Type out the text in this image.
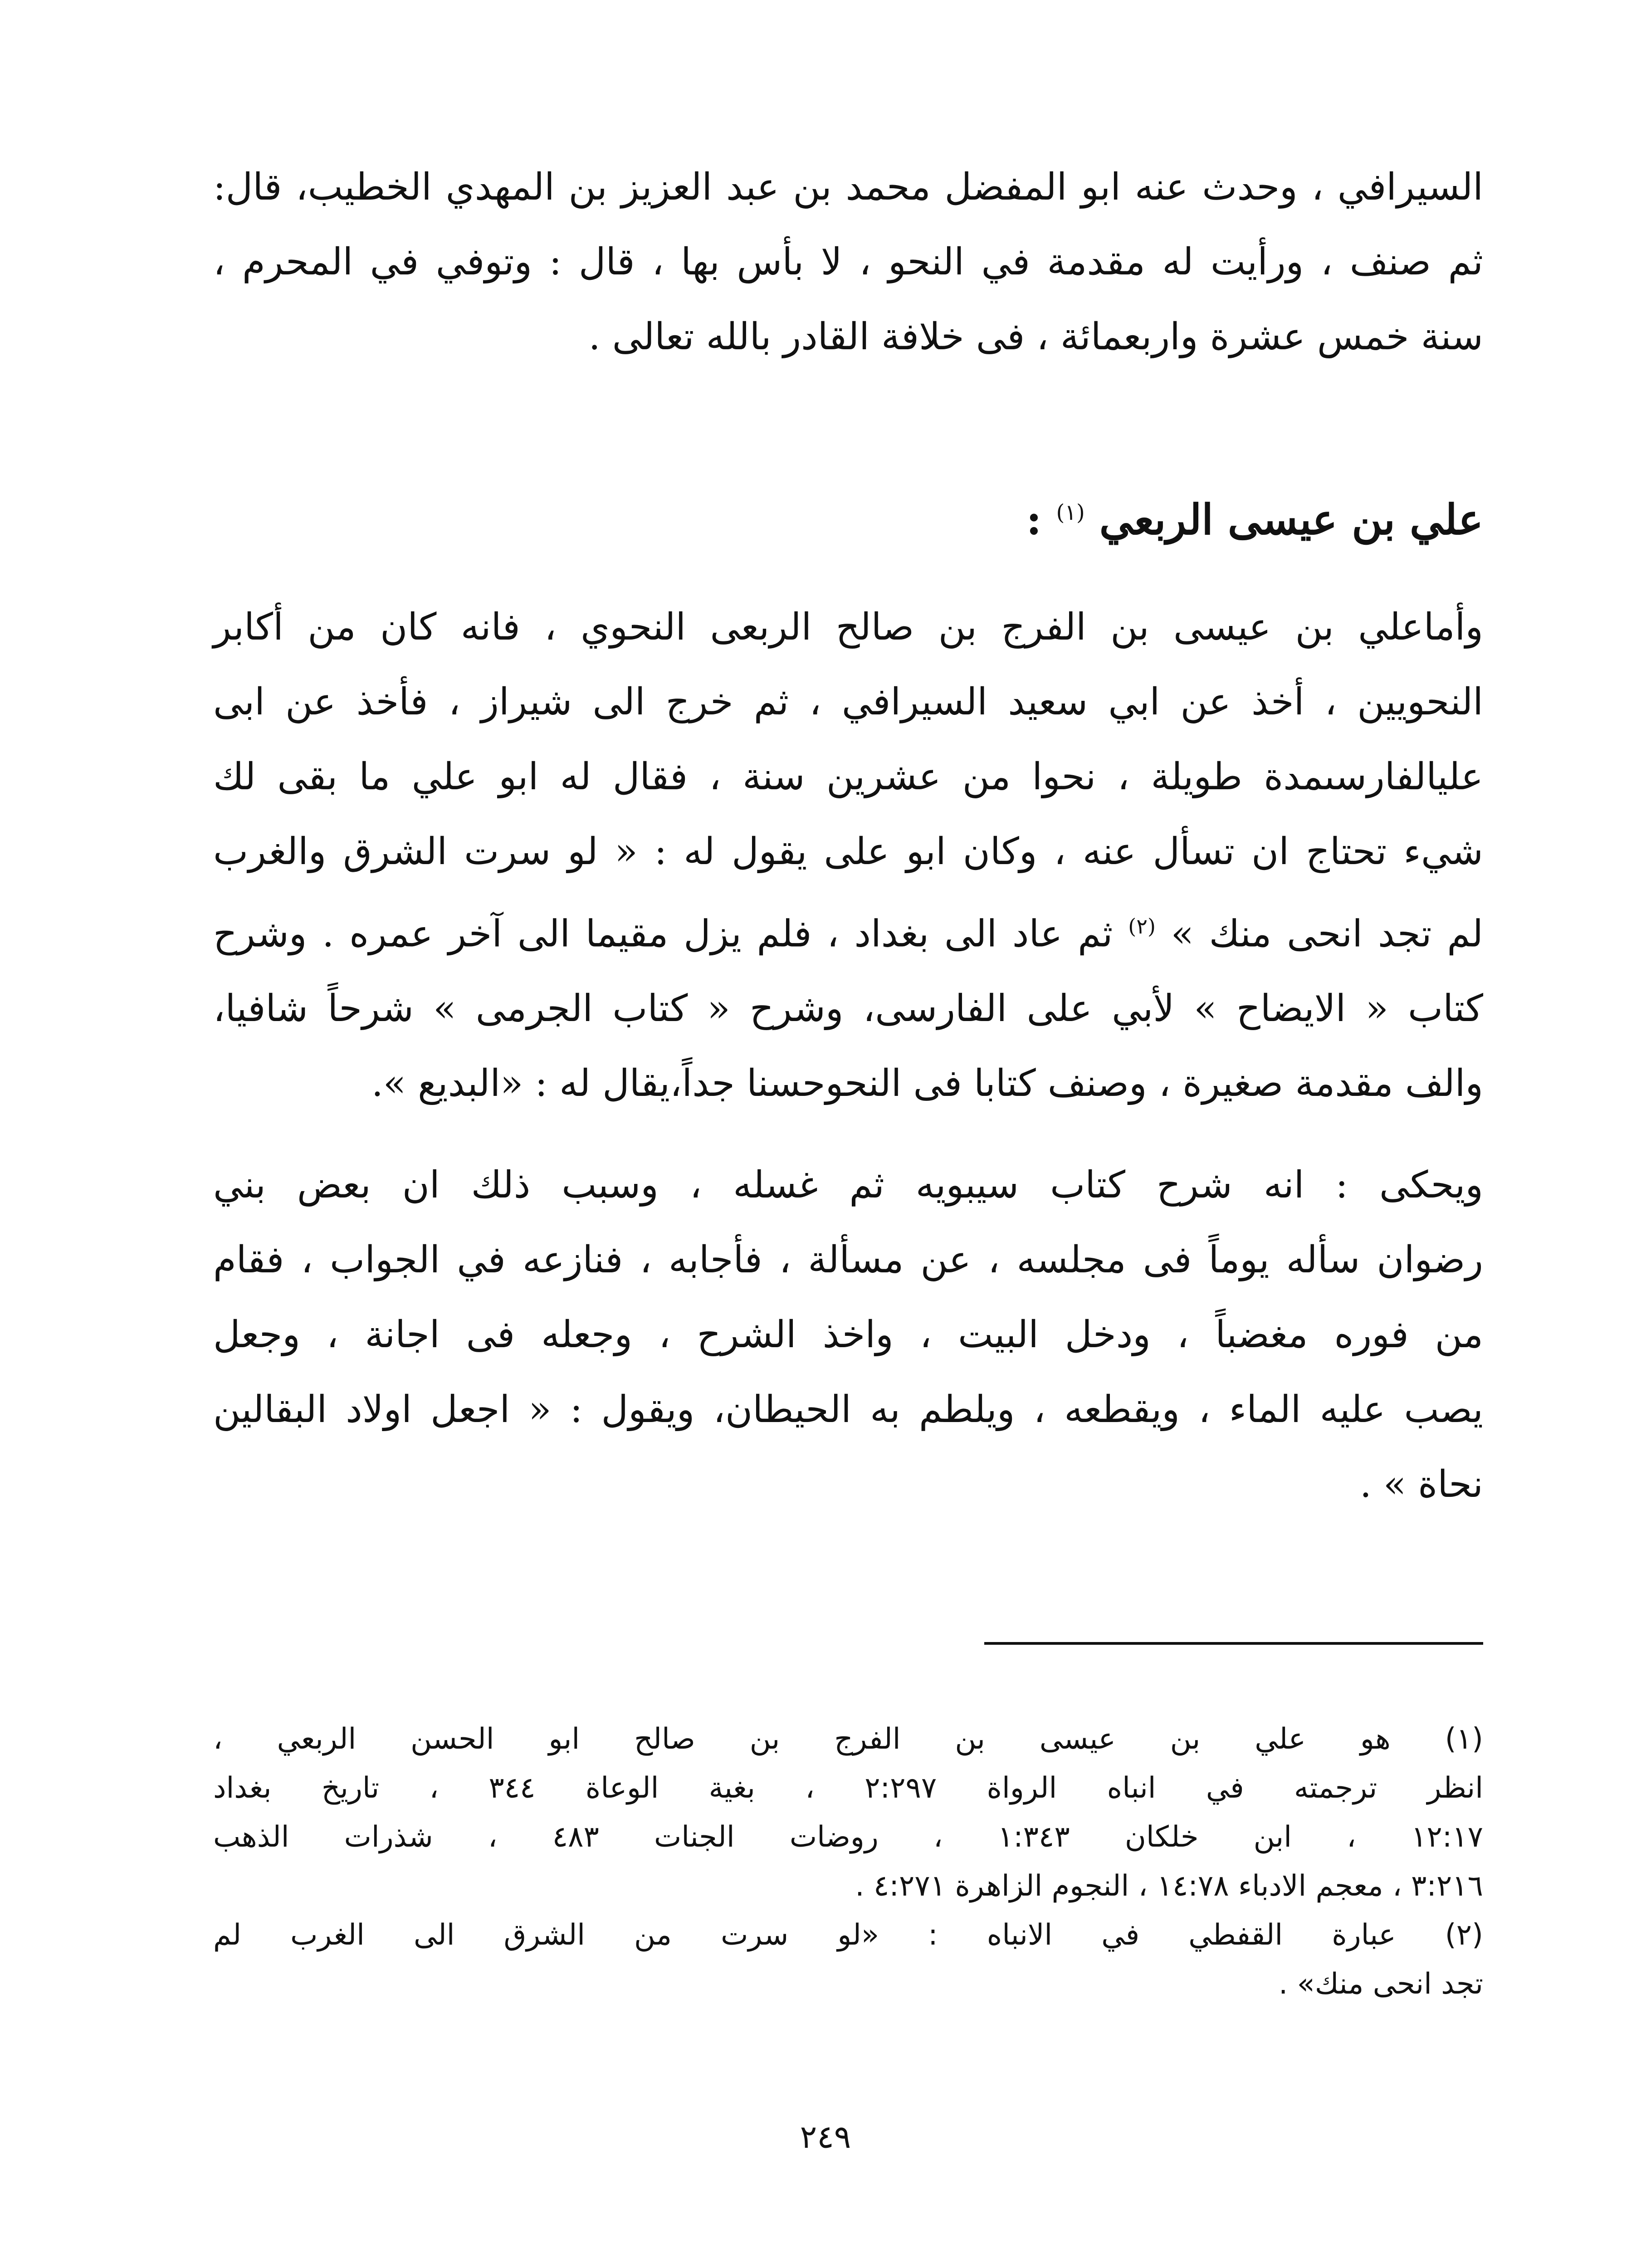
السيرافي ، وحدث عنه ابو المفضل محمد بن عبد العزيز بن المهدي الخطيب، قال:
ثم صنف ، ورأيت له مقدمة في النحو ، لا بأس بها ، قال : وتوفي في المحرم ،
سنة خمس عشرة واربعمائة ، فى خلافة القادر بالله تعالى .
علي بن عيسى الربعي $^{(١)}$ :
وأماعلي بن عيسى بن الفرج بن صالح الربعى النحوي ، فانه كان من أكابر
النحويين ، أخذ عن ابي سعيد السيرافي ، ثم خرج الى شيراز ، فأخذ عن ابى
عليالفارسىمدة طويلة ، نحوا من عشرين سنة ، فقال له ابو علي ما بقى لك
شيء تحتاج ان تسأل عنه ، وكان ابو على يقول له : « لو سرت الشرق والغرب
لم تجد انحى منك » $^{(٢)}$ ثم عاد الى بغداد ، فلم يزل مقيما الى آخر عمره . وشرح
كتاب « الايضاح » لأبي على الفارسى، وشرح « كتاب الجرمى » شرحاً شافيا،
والف مقدمة صغيرة ، وصنف كتابا فى النحوحسنا جداً،يقال له : «البديع ».
ويحكى : انه شرح كتاب سيبويه ثم غسله ، وسبب ذلك ان بعض بني
رضوان سأله يوماً فى مجلسه ، عن مسألة ، فأجابه ، فنازعه في الجواب ، فقام
من فوره مغضباً ، ودخل البيت ، واخذ الشرح ، وجعله فى اجانة ، وجعل
يصب عليه الماء ، ويقطعه ، ويلطم به الحيطان، ويقول : « اجعل اولاد البقالين
نحاة » .
(١) هو علي بن عيسى بن الفرج بن صالح ابو الحسن الربعي ،
انظر ترجمته في انباه الرواة ٢:٢٩٧ ، بغية الوعاة ٣٤٤ ، تاريخ بغداد
١٢:١٧ ، ابن خلكان ١:٣٤٣ ، روضات الجنات ٤٨٣ ، شذرات الذهب
٣:٢١٦ ، معجم الادباء ١٤:٧٨ ، النجوم الزاهرة ٤:٢٧١ .
(٢) عبارة القفطي في الانباه : «لو سرت من الشرق الى الغرب لم
تجد انحى منك» .
٢٤٩
